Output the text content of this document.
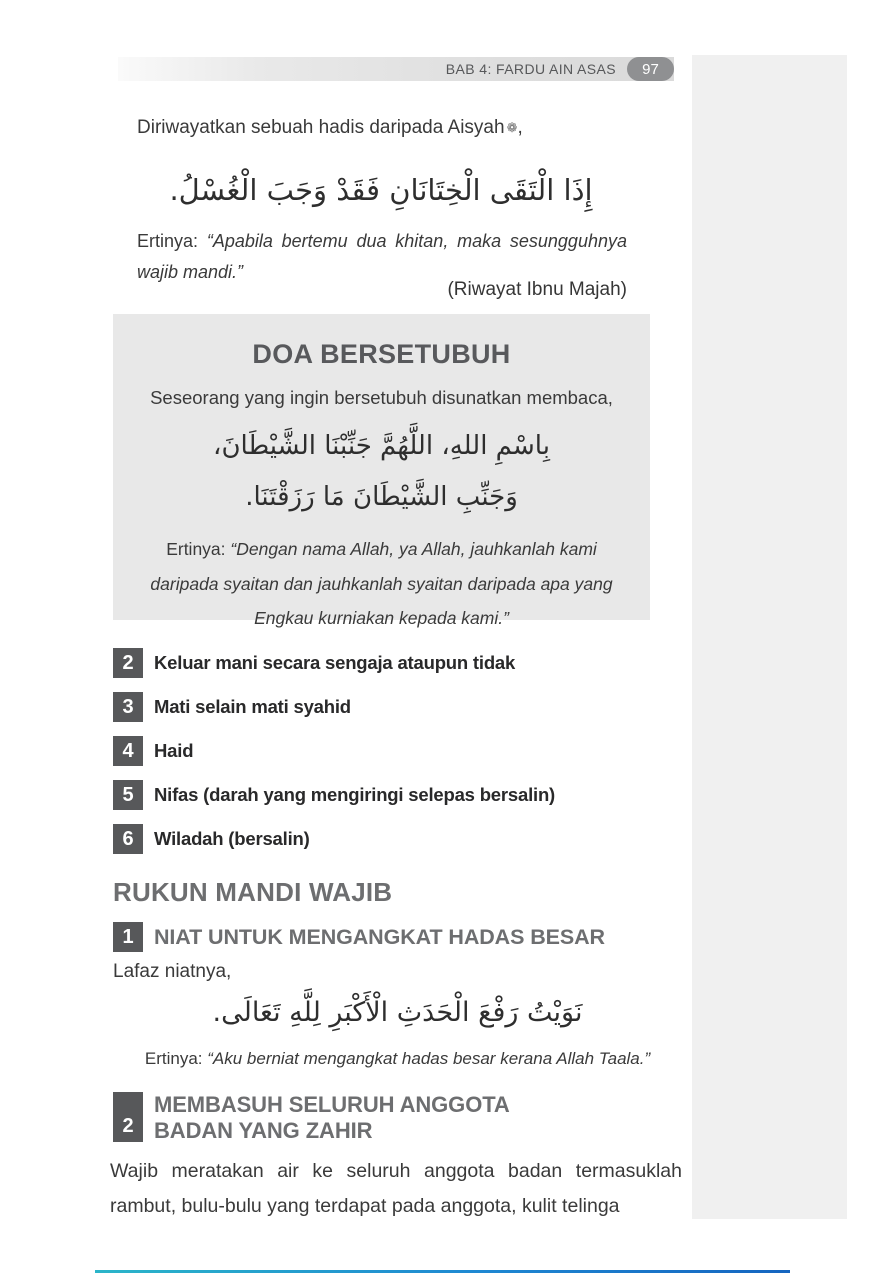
BAB 4: FARDU AIN ASAS	97

Diriwayatkan sebuah hadis daripada Aisyah ❁,

إِذَا الْتَقَى الْخِتَانَانِ فَقَدْ وَجَبَ الْغُسْلُ.

Ertinya: “Apabila bertemu dua khitan, maka sesungguhnya wajib mandi.”

(Riwayat Ibnu Majah)
DOA BERSETUBUH
Seseorang yang ingin bersetubuh disunatkan membaca,
بِاسْمِ اللهِ، اللَّهُمَّ جَنِّبْنَا الشَّيْطَانَ،
وَجَنِّبِ الشَّيْطَانَ مَا رَزَقْتَنَا.

Ertinya: “Dengan nama Allah, ya Allah, jauhkanlah kami daripada syaitan dan jauhkanlah syaitan daripada apa yang Engkau kurniakan kepada kami.”

2	Keluar mani secara sengaja ataupun tidak
3	Mati selain mati syahid
4	Haid
5	Nifas (darah yang mengiringi selepas bersalin)
6	Wiladah (bersalin)
RUKUN MANDI WAJIB
1 NIAT UNTUK MENGANGKAT HADAS BESAR
Lafaz niatnya,
نَوَيْتُ رَفْعَ الْحَدَثِ الْأَكْبَرِ لِلَّهِ تَعَالَى.

Ertinya: “Aku berniat mengangkat hadas besar kerana Allah Taala.”

2
MEMBASUH SELURUH ANGGOTA BADAN YANG ZAHIR

Wajib meratakan air ke seluruh anggota badan termasuklah rambut, bulu-bulu yang terdapat pada anggota, kulit telinga
